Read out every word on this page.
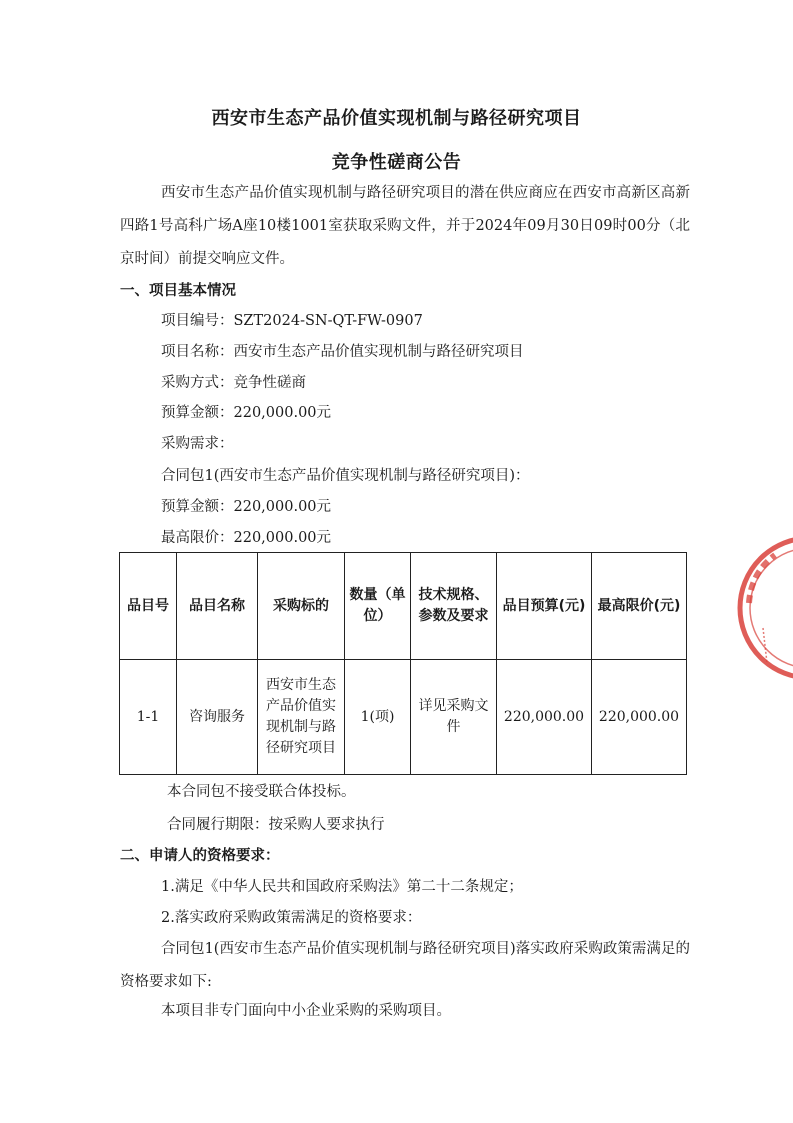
西安市生态产品价值实现机制与路径研究项目
竞争性磋商公告

西安市生态产品价值实现机制与路径研究项目的潜在供应商应在西安市高新区高新四路1号高科广场A座10楼1001室获取采购文件，并于2024年09月30日09时00分（北京时间）前提交响应文件。

一、项目基本情况
项目编号：SZT2024-SN-QT-FW-0907
项目名称：西安市生态产品价值实现机制与路径研究项目
采购方式：竞争性磋商
预算金额：220,000.00元
采购需求：
合同包1(西安市生态产品价值实现机制与路径研究项目)：
预算金额：220,000.00元
最高限价：220,000.00元
品目号	品目名称	采购标的	数量（单位）	技术规格、参数及要求	品目预算(元)	最高限价(元)
1-1	咨询服务	西安市生态产品价值实现机制与路径研究项目	1(项)	详见采购文件	220,000.00	220,000.00
本合同包不接受联合体投标。
合同履行期限：按采购人要求执行
二、申请人的资格要求：
1.满足《中华人民共和国政府采购法》第二十二条规定；
2.落实政府采购政策需满足的资格要求：

合同包1(西安市生态产品价值实现机制与路径研究项目)落实政府采购政策需满足的资格要求如下:

本项目非专门面向中小企业采购的采购项目。
